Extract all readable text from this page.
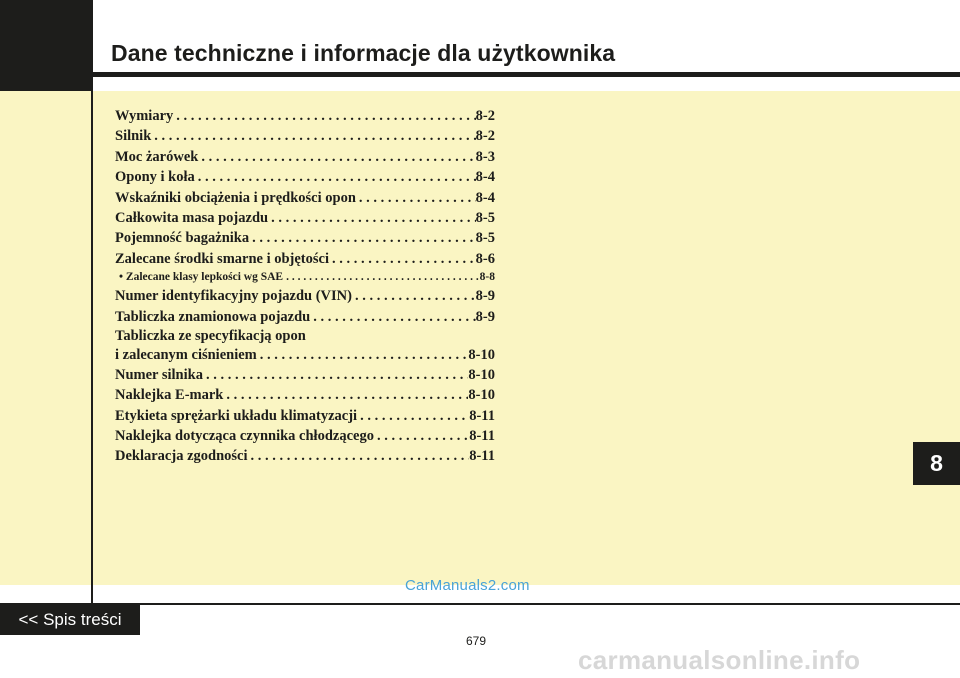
Dane techniczne i informacje dla użytkownika
Wymiary . . .	8-2
Silnik . . .	8-2
Moc żarówek . . .	8-3
Opony i koła . . .	8-4
Wskaźniki obciążenia i prędkości opon . . .	8-4
Całkowita masa pojazdu . . .	8-5
Pojemność bagażnika . . .	8-5
Zalecane środki smarne i objętości . . .	8-6
• Zalecane klasy lepkości wg SAE . . .	8-8
Numer identyfikacyjny pojazdu (VIN) . . .	8-9
Tabliczka znamionowa pojazdu . . .	8-9
Tabliczka ze specyfikacją opon
i zalecanym ciśnieniem . . .	8-10
Numer silnika . . .	8-10
Naklejka E-mark . . .	8-10
Etykieta sprężarki układu klimatyzacji . . .	8-11
Naklejka dotycząca czynnika chłodzącego . . .	8-11
Deklaracja zgodności . . .	8-11	8
CarManuals2.com
<< Spis treści
679
carmanualsonline.info
